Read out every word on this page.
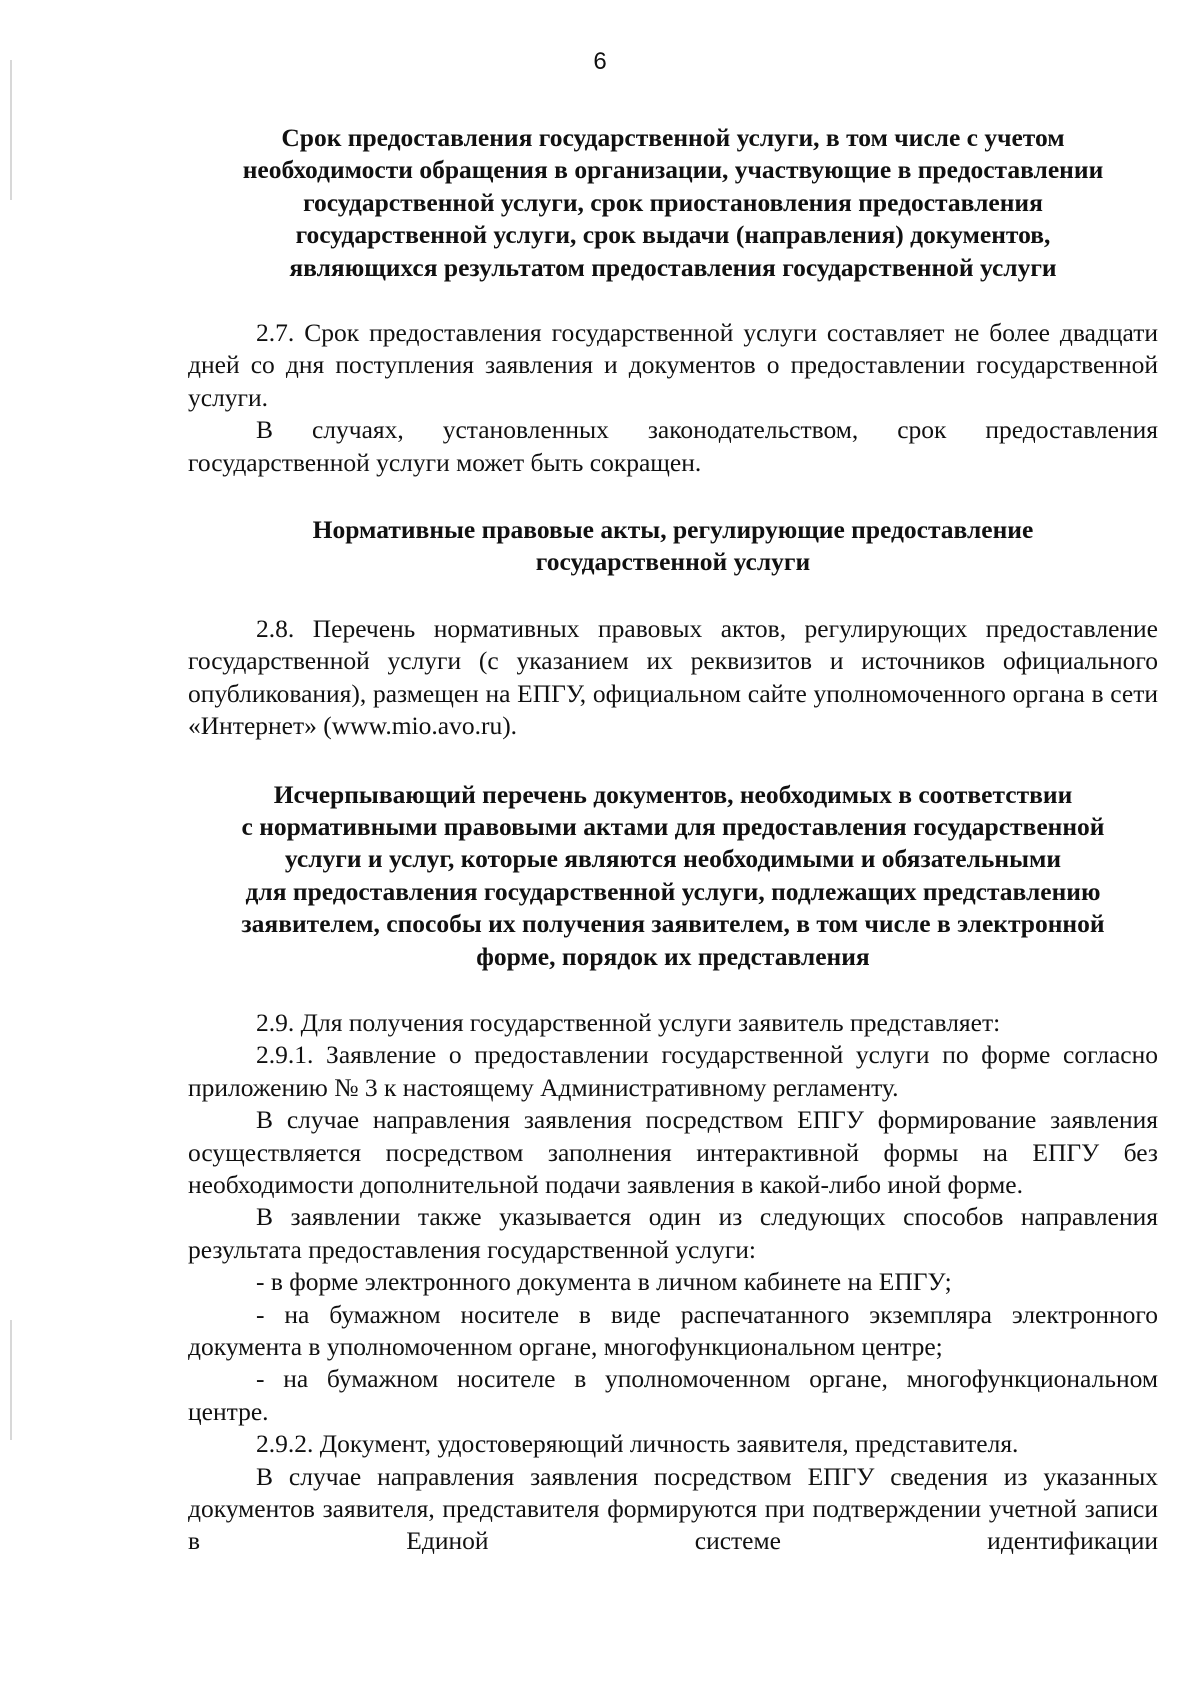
6
Срок предоставления государственной услуги, в том числе с учетом
необходимости обращения в организации, участвующие в предоставлении
государственной услуги, срок приостановления предоставления
государственной услуги, срок выдачи (направления) документов,
являющихся результатом предоставления государственной услуги

2.7. Срок предоставления государственной услуги составляет не более двадцати дней со дня поступления заявления и документов о предоставлении государственной услуги.

В случаях, установленных законодательством, срок предоставления государственной услуги может быть сокращен.

Нормативные правовые акты, регулирующие предоставление
государственной услуги

2.8. Перечень нормативных правовых актов, регулирующих предоставление государственной услуги (с указанием их реквизитов и источников официального опубликования), размещен на ЕПГУ, официальном сайте уполномоченного органа в сети «Интернет» (www.mio.avo.ru).

Исчерпывающий перечень документов, необходимых в соответствии
с нормативными правовыми актами для предоставления государственной
услуги и услуг, которые являются необходимыми и обязательными
для предоставления государственной услуги, подлежащих представлению
заявителем, способы их получения заявителем, в том числе в электронной
форме, порядок их представления

2.9. Для получения государственной услуги заявитель представляет:

2.9.1. Заявление о предоставлении государственной услуги по форме согласно приложению № 3 к настоящему Административному регламенту.

В случае направления заявления посредством ЕПГУ формирование заявления осуществляется посредством заполнения интерактивной формы на ЕПГУ без необходимости дополнительной подачи заявления в какой-либо иной форме.

В заявлении также указывается один из следующих способов направления результата предоставления государственной услуги:

- в форме электронного документа в личном кабинете на ЕПГУ;

- на бумажном носителе в виде распечатанного экземпляра электронного документа в уполномоченном органе, многофункциональном центре;

- на бумажном носителе в уполномоченном органе, многофункциональном центре.

2.9.2. Документ, удостоверяющий личность заявителя, представителя.

В случае направления заявления посредством ЕПГУ сведения из указанных документов заявителя, представителя формируются при подтверждении учетной записи в Единой системе идентификации
